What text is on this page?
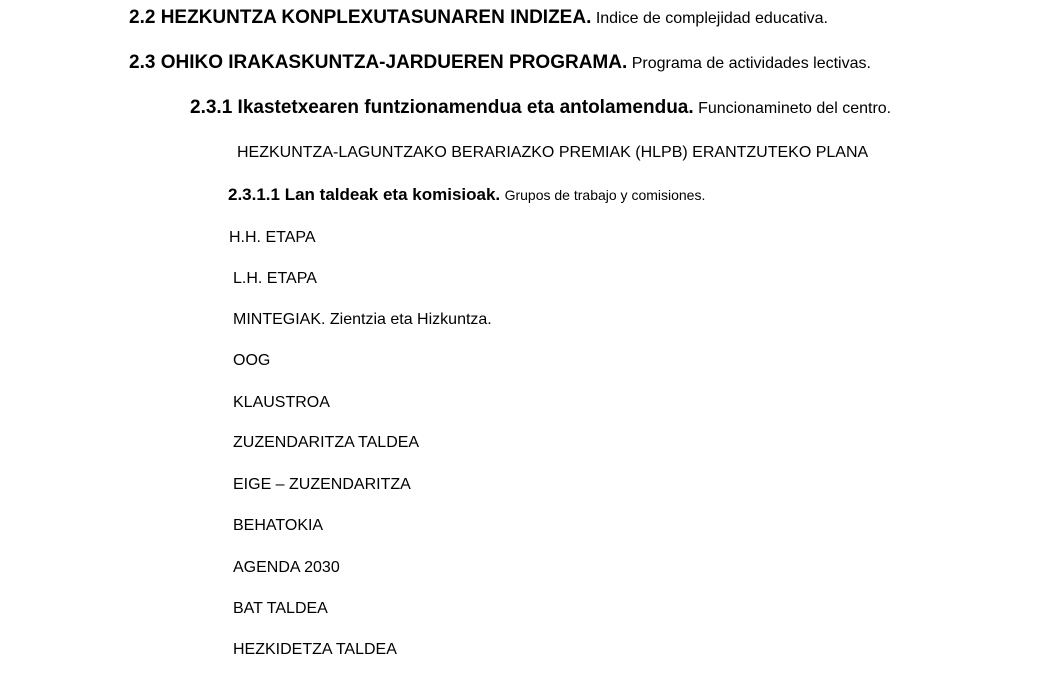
2.2 HEZKUNTZA KONPLEXUTASUNAREN INDIZEA. Indice de complejidad educativa.
2.3 OHIKO IRAKASKUNTZA-JARDUEREN PROGRAMA. Programa de actividades lectivas.
2.3.1 Ikastetxearen funtzionamendua eta antolamendua. Funcionamineto del centro.
HEZKUNTZA-LAGUNTZAKO BERARIAZKO PREMIAK (HLPB) ERANTZUTEKO PLANA
2.3.1.1 Lan taldeak eta komisioak. Grupos de trabajo y comisiones.
H.H. ETAPA
L.H. ETAPA
MINTEGIAK. Zientzia eta Hizkuntza.
OOG
KLAUSTROA
ZUZENDARITZA TALDEA
EIGE – ZUZENDARITZA
BEHATOKIA
AGENDA 2030
BAT TALDEA
HEZKIDETZA TALDEA
